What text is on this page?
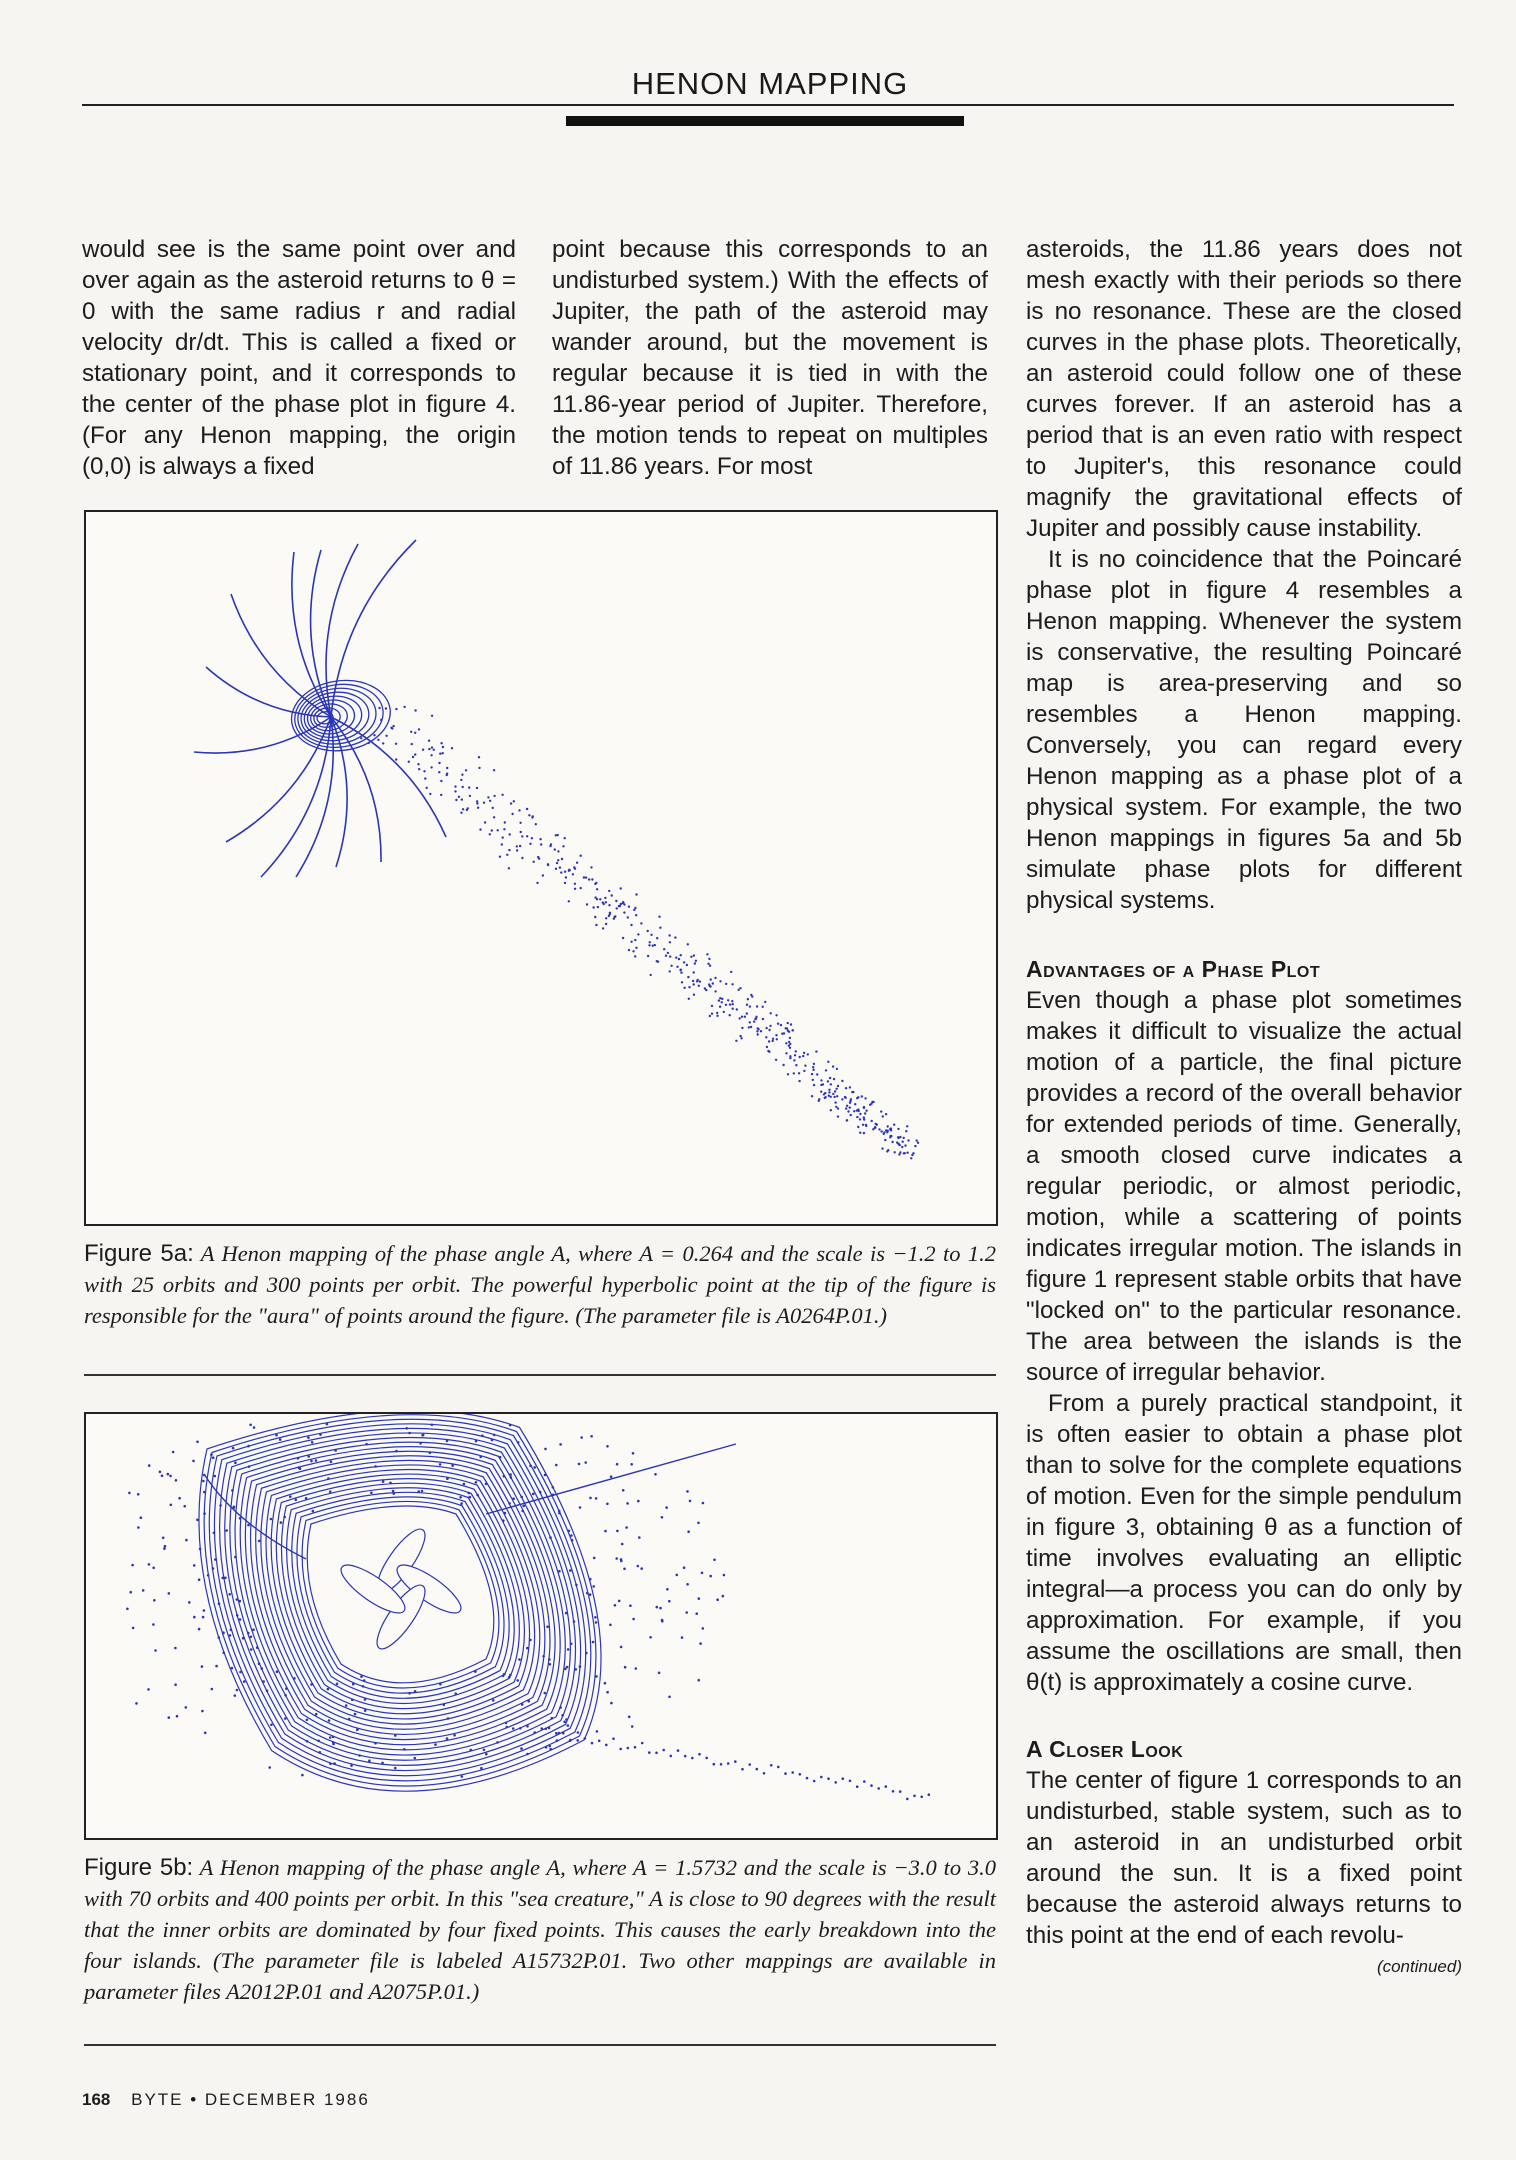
HENON MAPPING

would see is the same point over and over again as the asteroid returns to θ = 0 with the same radius r and radial velocity dr/dt. This is called a fixed or stationary point, and it corresponds to the center of the phase plot in figure 4. (For any Henon mapping, the origin (0,0) is always a fixed

point because this corresponds to an undisturbed system.) With the effects of Jupiter, the path of the asteroid may wander around, but the movement is regular because it is tied in with the 11.86-year period of Jupiter. Therefore, the motion tends to repeat on multiples of 11.86 years. For most

asteroids, the 11.86 years does not mesh exactly with their periods so there is no resonance. These are the closed curves in the phase plots. Theoretically, an asteroid could follow one of these curves forever. If an asteroid has a period that is an even ratio with respect to Jupiter's, this resonance could magnify the gravitational effects of Jupiter and possibly cause instability.

It is no coincidence that the Poincaré phase plot in figure 4 resembles a Henon mapping. Whenever the system is conservative, the resulting Poincaré map is area-preserving and so resembles a Henon mapping. Conversely, you can regard every Henon mapping as a phase plot of a physical system. For example, the two Henon mappings in figures 5a and 5b simulate phase plots for different physical systems.

Advantages of a Phase Plot

Even though a phase plot sometimes makes it difficult to visualize the actual motion of a particle, the final picture provides a record of the overall behavior for extended periods of time. Generally, a smooth closed curve indicates a regular periodic, or almost periodic, motion, while a scattering of points indicates irregular motion. The islands in figure 1 represent stable orbits that have "locked on" to the particular resonance. The area between the islands is the source of irregular behavior.

From a purely practical standpoint, it is often easier to obtain a phase plot than to solve for the complete equations of motion. Even for the simple pendulum in figure 3, obtaining θ as a function of time involves evaluating an elliptic integral—a process you can do only by approximation. For example, if you assume the oscillations are small, then θ(t) is approximately a cosine curve.

A Closer Look

The center of figure 1 corresponds to an undisturbed, stable system, such as to an asteroid in an undisturbed orbit around the sun. It is a fixed point because the asteroid always returns to this point at the end of each revolu-

(continued)

Figure 5a: A Henon mapping of the phase angle A, where A = 0.264 and the scale is −1.2 to 1.2 with 25 orbits and 300 points per orbit. The powerful hyperbolic point at the tip of the figure is responsible for the "aura" of points around the figure. (The parameter file is A0264P.01.)
Figure 5b: A Henon mapping of the phase angle A, where A = 1.5732 and the scale is −3.0 to 3.0 with 70 orbits and 400 points per orbit. In this "sea creature," A is close to 90 degrees with the result that the inner orbits are dominated by four fixed points. This causes the early breakdown into the four islands. (The parameter file is labeled A15732P.01. Two other mappings are available in parameter files A2012P.01 and A2075P.01.)
168 BYTE • DECEMBER 1986
